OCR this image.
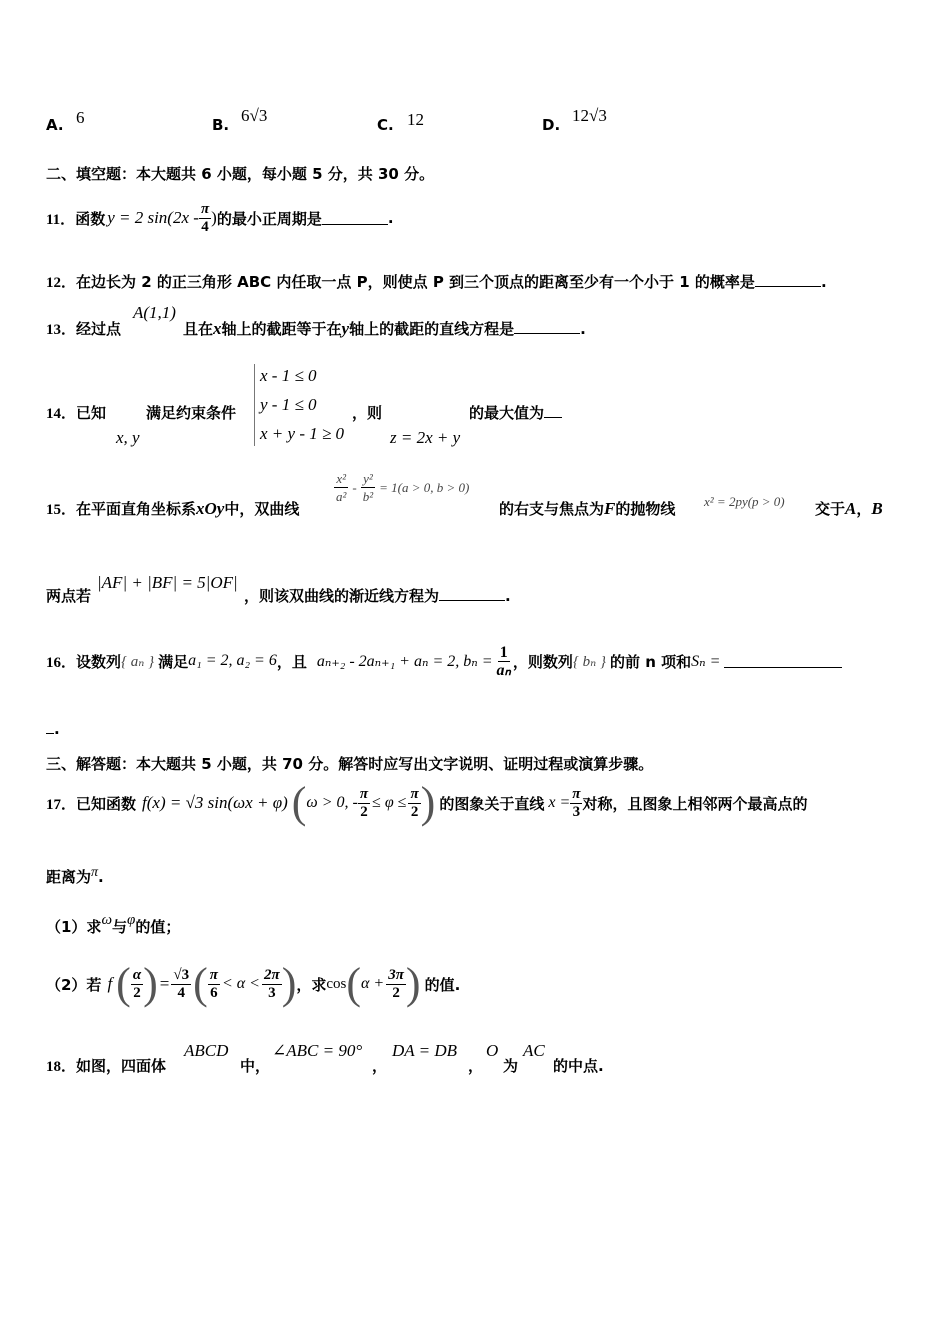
A. 6	B. 6√3	C. 12	D. 12√3
二、填空题：本大题共 6 小题，每小题 5 分，共 30 分。
11． 函数 y = 2 $\sin(2x - \frac{\pi}{4}$ ) 的最小正周期是	.
12．在边长为 2 的正三角形 ABC 内任取一点 P，则使点 P 到三个顶点的距离至少有一个小于 1 的概率是	.
13．经过点
A(1,1)
且在x轴上的截距等于在y轴上的截距的直线方程是	.
14．已知
x, y
满足约束条件
x - 1 ≤ 0
y - 1 ≤ 0
x + y - 1 ≥ 0
，则
z = 2x + y
的最大值为
15．在平面直角坐标系xOy中，双曲线
$\frac{\text{x²}}{\text{a²}} - \frac{\text{y²}}{\text{b²}} = 1(a > 0$, b > 0)
的右支与焦点为F的抛物线 x² = 2py(p > 0) 交于A，B
两点若
|AF| + |BF| = 5|OF|
，则该双曲线的渐近线方程为	.
16． 设数列 { aₙ } 满足 a₁ = 2, a₂ = 6 ，且 aₙ₊₂ - 2aₙ₊₁ + aₙ = 2, $b_n = \frac{1}{\text{aₙ}}$ ，则数列 { bₙ } 的前 n 项和 Sₙ =
.
三、解答题：本大题共 5 小题，共 70 分。解答时应写出文字说明、证明过程或演算步骤。
17． 已知函数 f(x) = √3 sin(ωx + φ) ( ω > 0, - $\frac{\pi}{2} \le \varphi \le \frac{\pi}{2}$ ) 的图象关于直线 $x = \frac{\pi}{3}$ 对称，且图象上相邻两个最高点的
距离为π.
（1）求ω与φ的值；
（2）若 f ( $\frac{\alpha}{2}$ ) = $\frac{√3}{4}$ ( $\frac{\pi}{6} < \alpha < \frac{2\pi}{3}$ ) ，求 cos ( $\alpha + \frac{3\pi}{2}$ ) 的值.
18．如图，四面体
ABCD
中，
∠ABC = 90°
，
DA = DB
，
O
为
AC
的中点.
